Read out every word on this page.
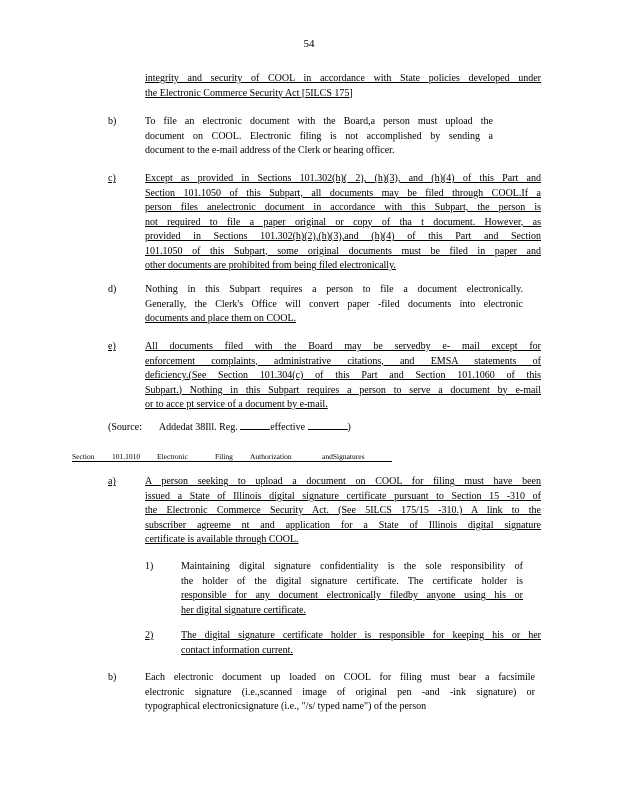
54
integrity and security of COOL in accordance with State policies developed under
the Electronic Commerce Security Act [5ILCS 175]
b)	To file an electronic document with the Board,a person must upload the
document on COOL. Electronic filing is not accomplished by sending a
document to the e-mail address of the Clerk or hearing officer.
c)	Except as provided in Sections 101.302(h)( 2), (h)(3), and (h)(4) of this Part and
Section 101.1050 of this Subpart, all documents may be filed through COOL.If a
person files anelectronic document in accordance with this Subpart, the person is
not required to file a paper original or copy of tha t document. However, as
provided in Sections 101.302(h)(2),(h)(3),and (h)(4) of this Part and Section
101.1050 of this Subpart, some original documents must be filed in paper and
other documents are prohibited from being filed electronically.
d)	Nothing in this Subpart requires a person to file a document electronically.
Generally, the Clerk's Office will convert paper -filed documents into electronic
documents and place them on COOL.
e)	All documents filed with the Board may be servedby e- mail except for
enforcement complaints, administrative citations, and EMSA statements of
deficiency.(See Section 101.304(c) of this Part and Section 101.1060 of this
Subpart.) Nothing in this Subpart requires a person to serve a document by e-mail
or to acce pt service of a document by e-mail.
(Source: Addedat 38Ill. Reg.	effective	)
Section 101.1010 Electronic	Filing Authorization	andSignatures
a)	A person seeking to upload a document on COOL for filing must have been
issued a State of Illinois digital signature certificate pursuant to Section 15 -310 of
the Electronic Commerce Security Act. (See 5ILCS 175/15 -310.) A link to the
subscriber agreeme nt and application for a State of Illinois digital signature
certificate is available through COOL.
1)	Maintaining digital signature confidentiality is the sole responsibility of
the holder of the digital signature certificate. The certificate holder is
responsible for any document electronically filedby anyone using his or
her digital signature certificate.
2)	The digital signature certificate holder is responsible for keeping his or her
contact information current.
b)	Each electronic document up loaded on COOL for filing must bear a facsimile
electronic signature (i.e.,scanned image of original pen -and -ink signature) or
typographical electronicsignature (i.e., "/s/ typed name") of the person
